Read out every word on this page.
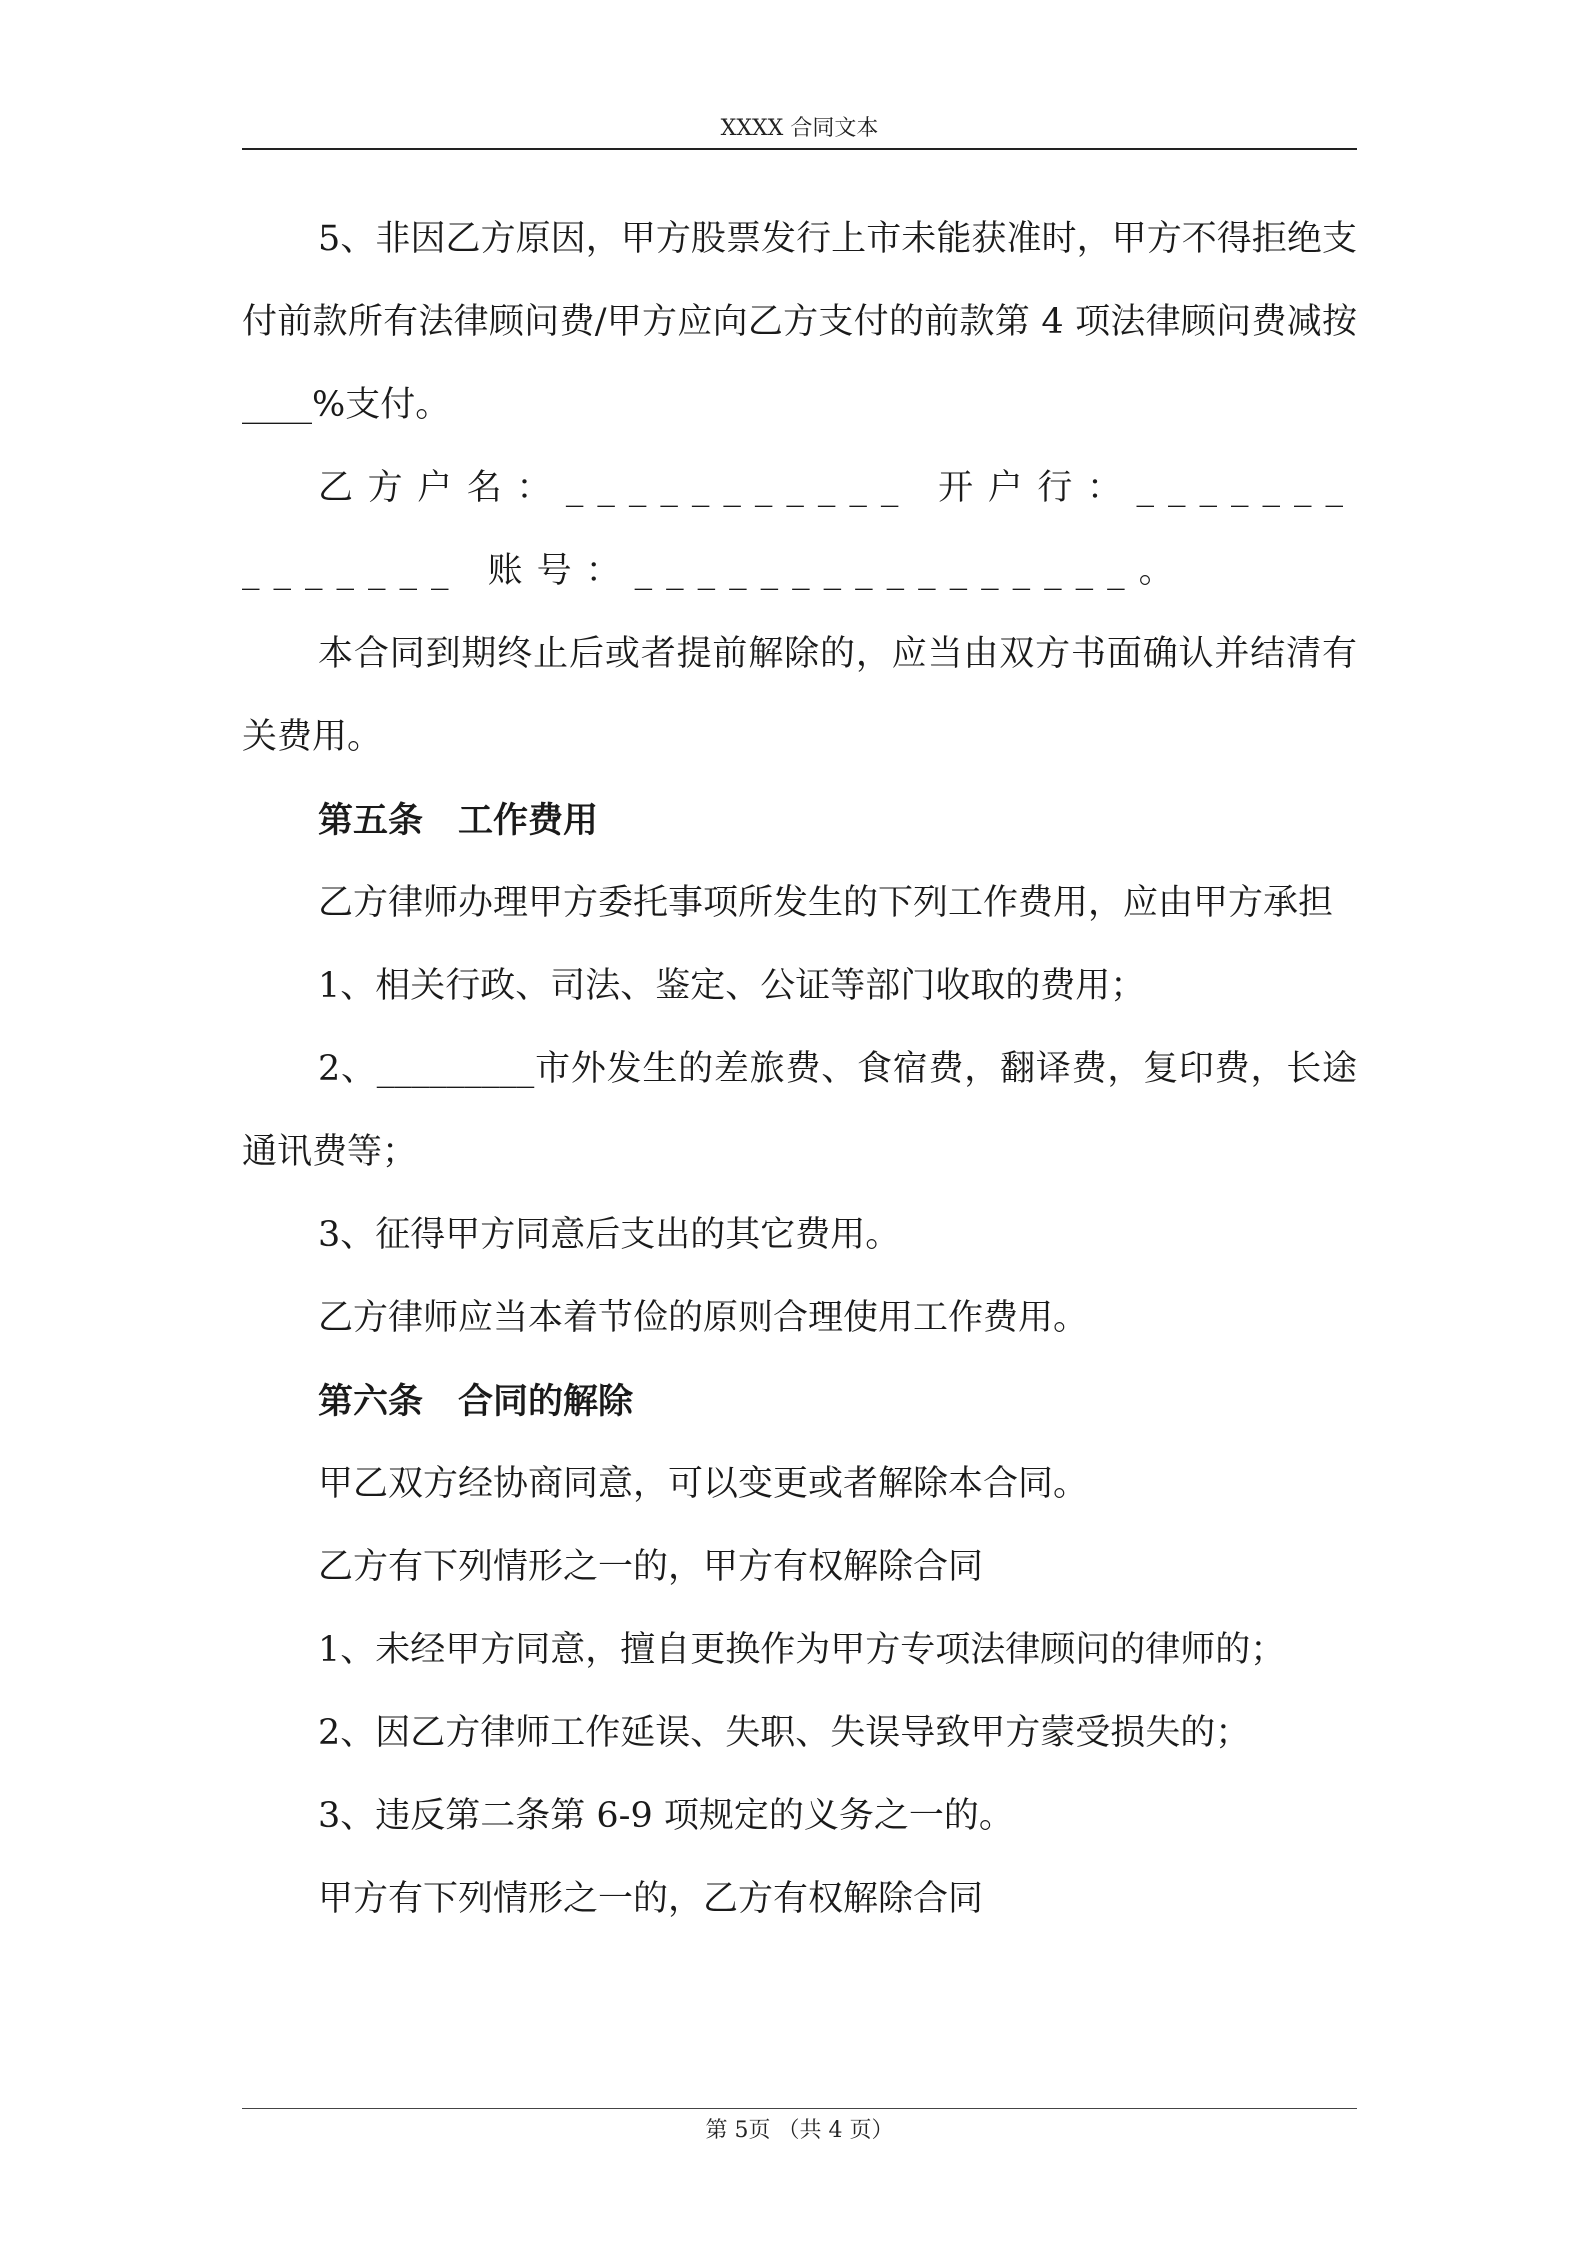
XXXX 合同文本

5、非因乙方原因，甲方股票发行上市未能获准时，甲方不得拒绝支付前款所有法律顾问费/甲方应向乙方支付的前款第 4 项法律顾问费减按____%支付。

乙方户名：___________ 开户行：______________ 账号：________________。

本合同到期终止后或者提前解除的，应当由双方书面确认并结清有关费用。

第五条　工作费用

乙方律师办理甲方委托事项所发生的下列工作费用，应由甲方承担

1、相关行政、司法、鉴定、公证等部门收取的费用；

2、_________市外发生的差旅费、食宿费，翻译费，复印费，长途通讯费等；

3、征得甲方同意后支出的其它费用。

乙方律师应当本着节俭的原则合理使用工作费用。

第六条　合同的解除

甲乙双方经协商同意，可以变更或者解除本合同。

乙方有下列情形之一的，甲方有权解除合同

1、未经甲方同意，擅自更换作为甲方专项法律顾问的律师的；

2、因乙方律师工作延误、失职、失误导致甲方蒙受损失的；

3、违反第二条第 6-9 项规定的义务之一的。

甲方有下列情形之一的，乙方有权解除合同

第 5页 （共 4 页）
